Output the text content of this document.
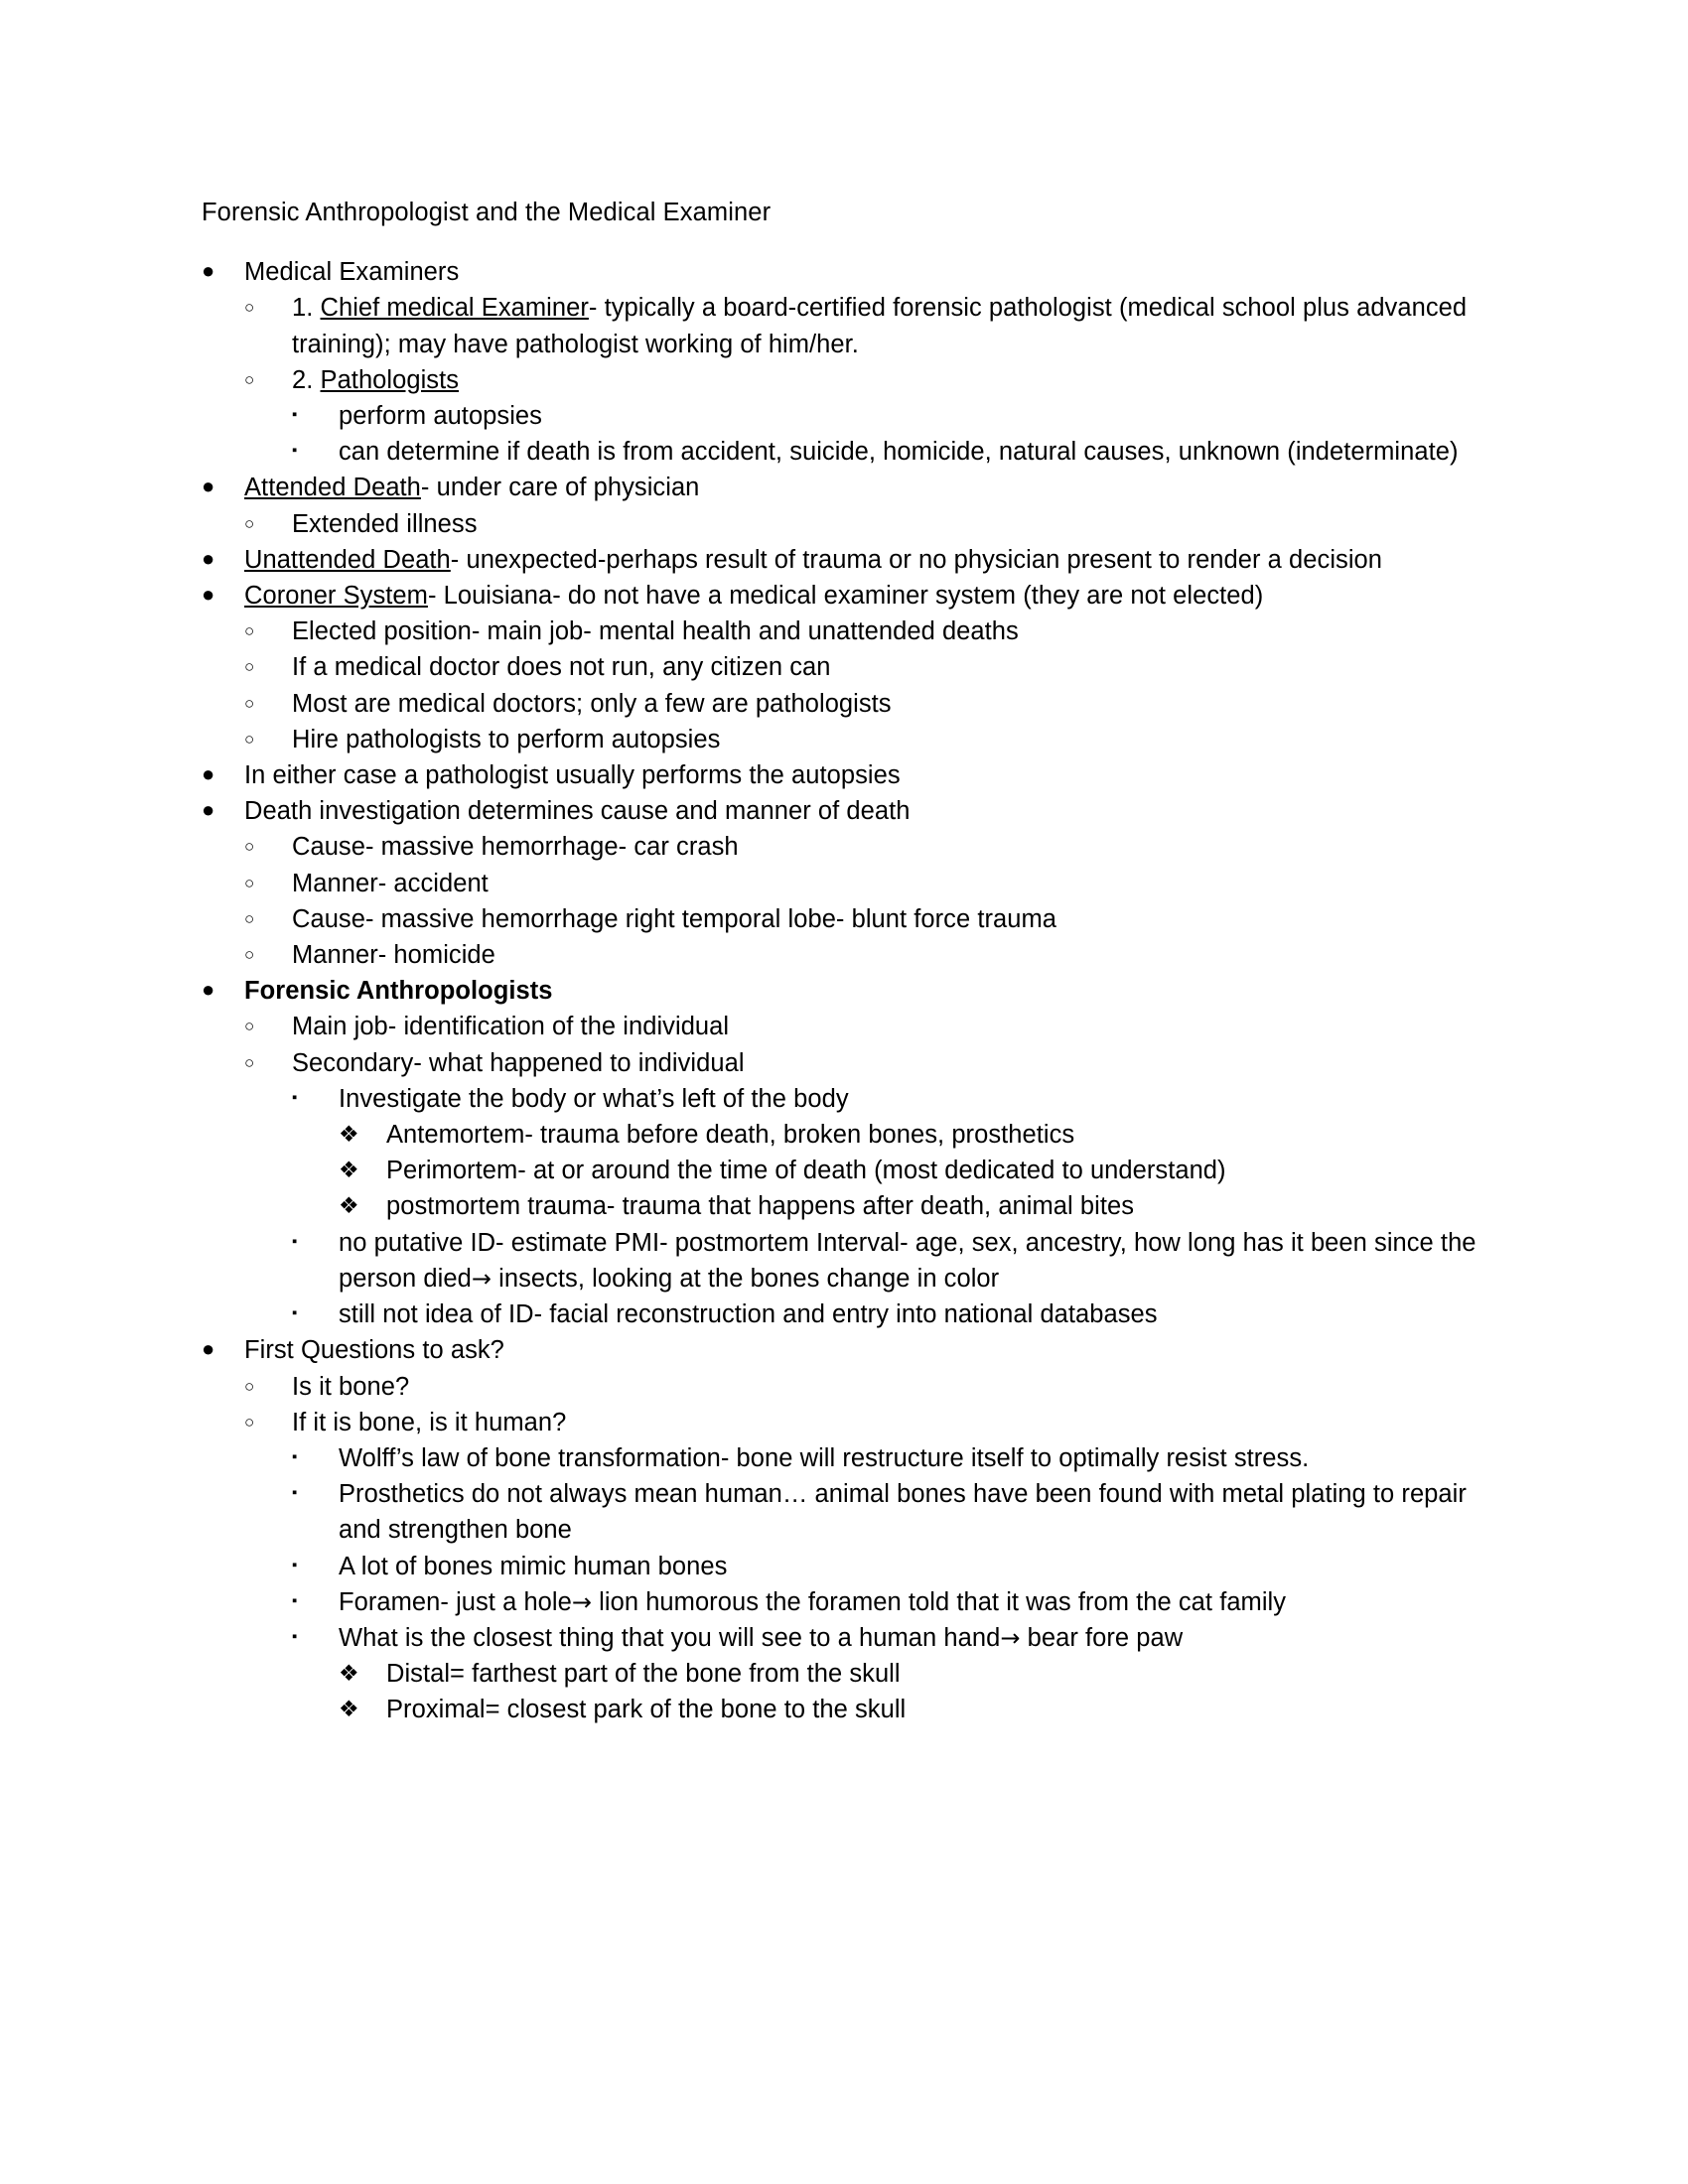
Forensic Anthropologist and the Medical Examiner
● Medical Examiners
○ 1. Chief medical Examiner- typically a board-certified forensic pathologist (medical school plus advanced training); may have pathologist working of him/her.
○ 2. Pathologists
▪ perform autopsies
▪ can determine if death is from accident, suicide, homicide, natural causes, unknown (indeterminate)
● Attended Death- under care of physician
○ Extended illness
● Unattended Death- unexpected-perhaps result of trauma or no physician present to render a decision
● Coroner System- Louisiana- do not have a medical examiner system (they are not elected)
○ Elected position- main job- mental health and unattended deaths
○ If a medical doctor does not run, any citizen can
○ Most are medical doctors; only a few are pathologists
○ Hire pathologists to perform autopsies
● In either case a pathologist usually performs the autopsies
● Death investigation determines cause and manner of death
○ Cause- massive hemorrhage- car crash
○ Manner- accident
○ Cause- massive hemorrhage right temporal lobe- blunt force trauma
○ Manner- homicide
● Forensic Anthropologists
○ Main job- identification of the individual
○ Secondary- what happened to individual
▪ Investigate the body or what’s left of the body
❖ Antemortem- trauma before death, broken bones, prosthetics
❖ Perimortem- at or around the time of death (most dedicated to understand)
❖ postmortem trauma- trauma that happens after death, animal bites
▪ no putative ID- estimate PMI- postmortem Interval- age, sex, ancestry, how long has it been since the person died→ insects, looking at the bones change in color
▪ still not idea of ID- facial reconstruction and entry into national databases
● First Questions to ask?
○ Is it bone?
○ If it is bone, is it human?
▪ Wolff’s law of bone transformation- bone will restructure itself to optimally resist stress.
▪ Prosthetics do not always mean human… animal bones have been found with metal plating to repair and strengthen bone
▪ A lot of bones mimic human bones
▪ Foramen- just a hole→ lion humorous the foramen told that it was from the cat family
▪ What is the closest thing that you will see to a human hand→ bear fore paw
❖ Distal= farthest part of the bone from the skull
❖ Proximal= closest park of the bone to the skull
